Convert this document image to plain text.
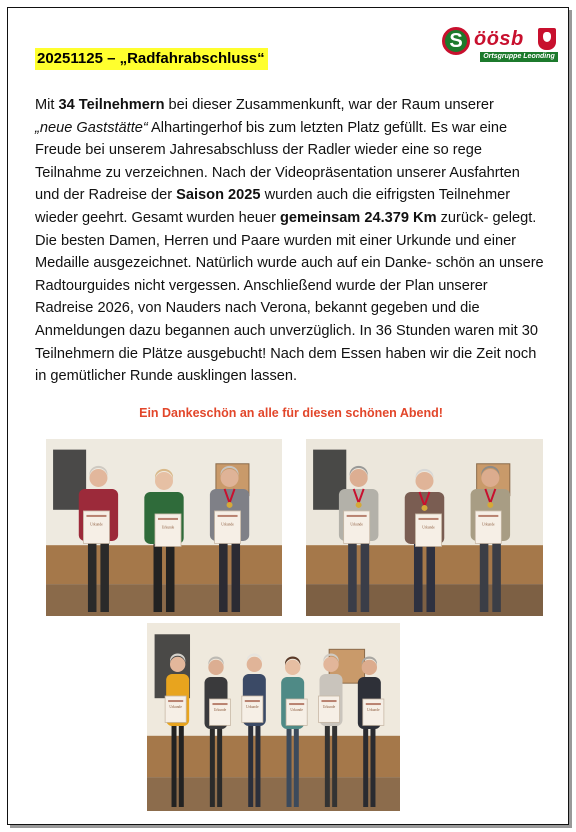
20251125 – „Radfahrabschluss“
S öösb
Ortsgruppe Leonding

Mit 34 Teilnehmern bei dieser Zusammenkunft, war der Raum unserer
„neue Gaststätte“ Alhartingerhof bis zum letzten Platz gefüllt. Es war eine Freude bei unserem Jahresabschluss der Radler wieder eine so rege Teilnahme zu verzeichnen. Nach der Videopräsentation unserer Ausfahrten und der Radreise der Saison 2025 wurden auch die eifrigsten Teilnehmer wieder geehrt. Gesamt wurden heuer gemeinsam 24.379 Km zurück- gelegt. Die besten Damen, Herren und Paare wurden mit einer Urkunde und einer Medaille ausgezeichnet. Natürlich wurde auch auf ein Danke- schön an unsere Radtourguides nicht vergessen. Anschließend wurde der Plan unserer Radreise 2026, von Nauders nach Verona, bekannt gegeben und die Anmeldungen dazu begannen auch unverzüglich. In 36 Stunden waren mit 30 Teilnehmern die Plätze ausgebucht! Nach dem Essen haben wir die Zeit noch in gemütlicher Runde ausklingen lassen.

Ein Dankeschön an alle für diesen schönen Abend!

Urkunde
Urkunde
Urkunde	Urkunde
Urkunde
Urkunde
Urkunde
Urkunde
Urkunde
Urkunde
Urkunde
Urkunde
